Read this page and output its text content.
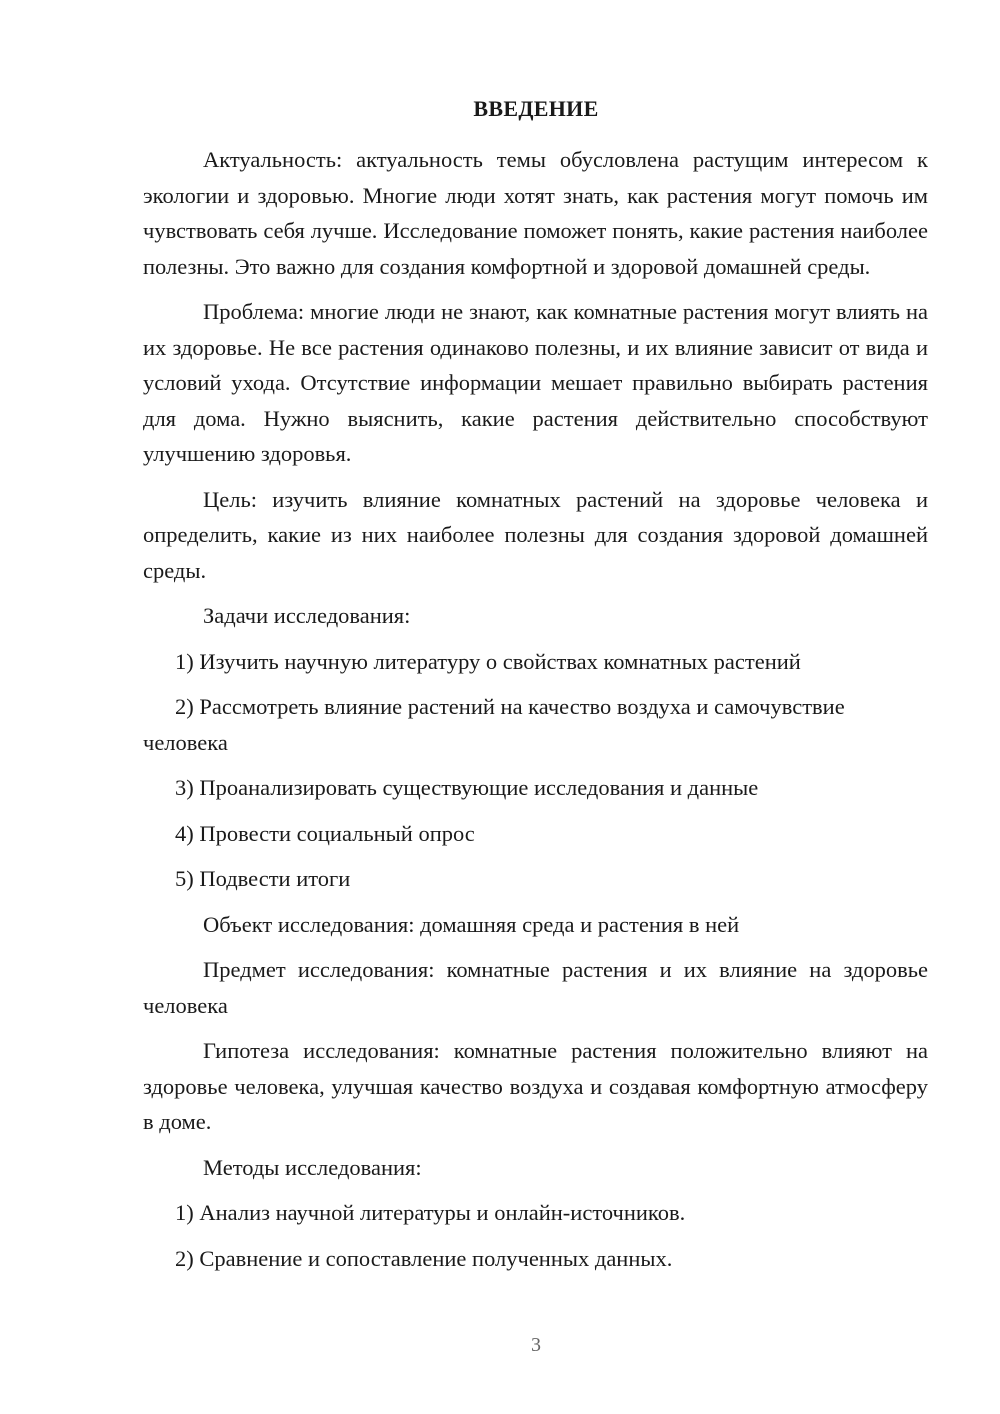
ВВЕДЕНИЕ

Актуальность: актуальность темы обусловлена растущим интересом к экологии и здоровью. Многие люди хотят знать, как растения могут помочь им чувствовать себя лучше. Исследование поможет понять, какие растения наиболее полезны. Это важно для создания комфортной и здоровой домашней среды.

Проблема: многие люди не знают, как комнатные растения могут влиять на их здоровье. Не все растения одинаково полезны, и их влияние зависит от вида и условий ухода. Отсутствие информации мешает правильно выбирать растения для дома. Нужно выяснить, какие растения действительно способствуют улучшению здоровья.

Цель: изучить влияние комнатных растений на здоровье человека и определить, какие из них наиболее полезны для создания здоровой домашней среды.

Задачи исследования:

1) Изучить научную литературу о свойствах комнатных растений

2) Рассмотреть влияние растений на качество воздуха и самочувствие человека

3) Проанализировать существующие исследования и данные

4) Провести социальный опрос

5) Подвести итоги

Объект исследования: домашняя среда и растения в ней

Предмет исследования: комнатные растения и их влияние на здоровье человека

Гипотеза исследования: комнатные растения положительно влияют на здоровье человека, улучшая качество воздуха и создавая комфортную атмосферу в доме.

Методы исследования:

1) Анализ научной литературы и онлайн-источников.

2) Сравнение и сопоставление полученных данных.

3
